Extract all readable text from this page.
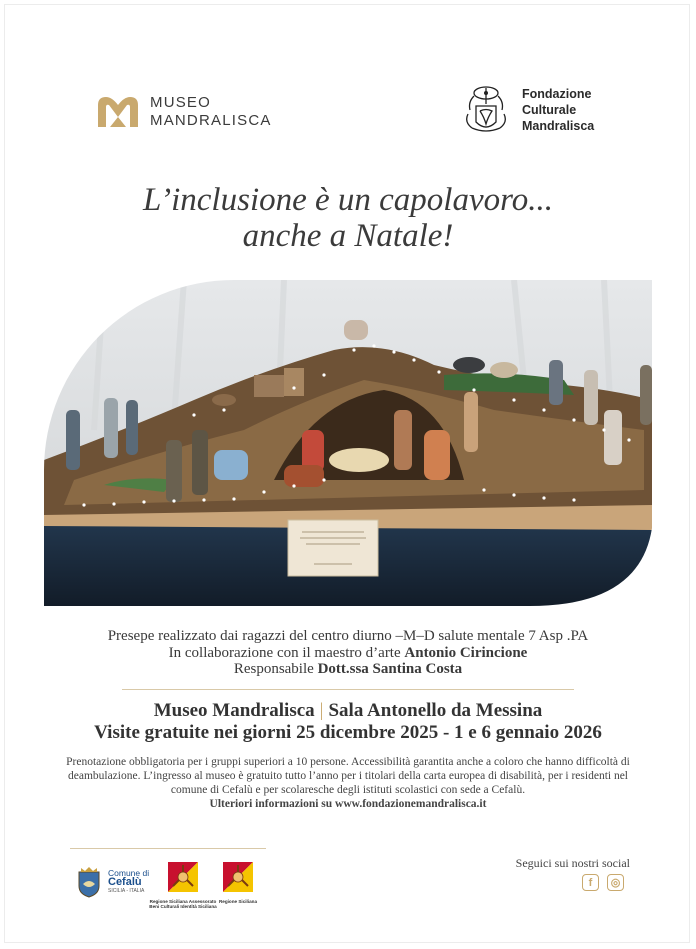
MUSEO
MANDRALISCA
Fondazione
Culturale
Mandralisca
L’inclusione è un capolavoro...
anche a Natale!
Presepe realizzato dai ragazzi del centro diurno –M–D salute mentale 7 Asp .PA
In collaborazione con il maestro d’arte Antonio Cirincione
Responsabile Dott.ssa Santina Costa
Museo Mandralisca | Sala Antonello da Messina
Visite gratuite nei giorni 25 dicembre 2025 - 1 e 6 gennaio 2026
Prenotazione obbligatoria per i gruppi superiori a 10 persone. Accessibilità garantita anche a coloro che hanno difficoltà di deambulazione. L’ingresso al museo è gratuito tutto l’anno per i titolari della carta europea di disabilità, per i residenti nel comune di Cefalù e per scolaresche degli istituti scolastici con sede a Cefalù.
Ulteriori informazioni su www.fondazionemandralisca.it
Comune di
Cefalù
SICILIA - ITALIA
Regione Siciliana Assessorato Beni Culturali Identità Siciliana
Regione Siciliana
Seguici sui nostri social
f	◎
